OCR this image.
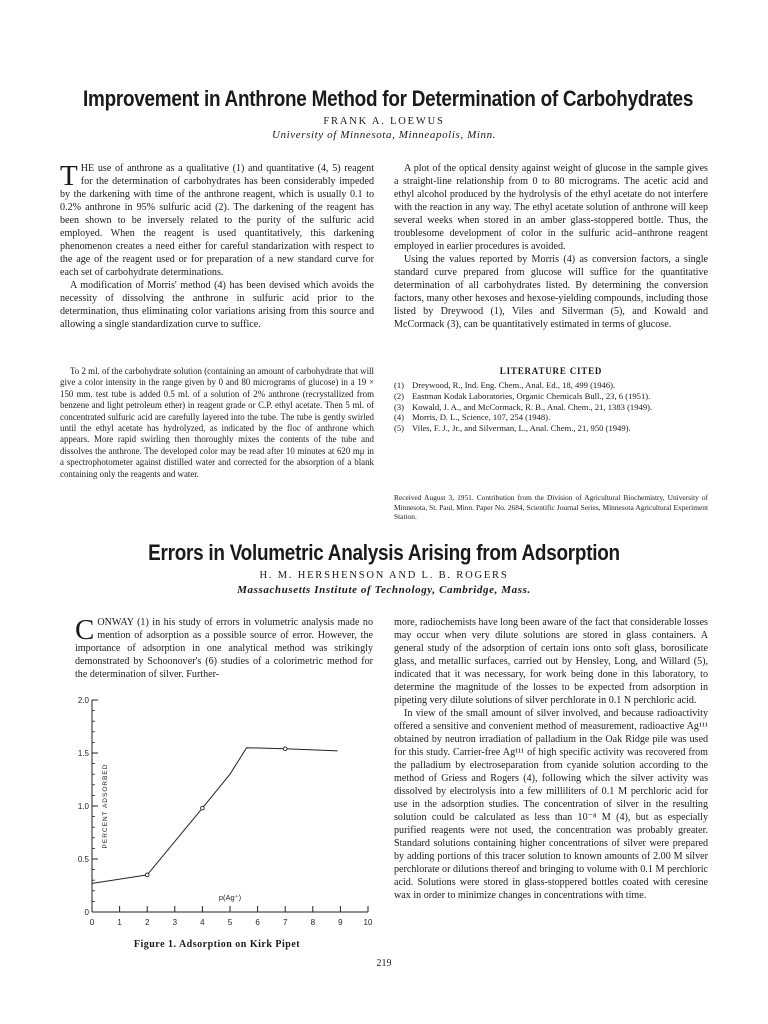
Improvement in Anthrone Method for Determination of Carbohydrates
FRANK A. LOEWUS
University of Minnesota, Minneapolis, Minn.

THE use of anthrone as a qualitative (1) and quantitative (4, 5) reagent for the determination of carbohydrates has been considerably impeded by the darkening with time of the anthrone reagent, which is usually 0.1 to 0.2% anthrone in 95% sulfuric acid (2). The darkening of the reagent has been shown to be inversely related to the purity of the sulfuric acid employed. When the reagent is used quantitatively, this darkening phenomenon creates a need either for careful standarization with respect to the age of the reagent used or for preparation of a new standard curve for each set of carbohydrate determinations.

A modification of Morris' method (4) has been devised which avoids the necessity of dissolving the anthrone in sulfuric acid prior to the determination, thus eliminating color variations arising from this source and allowing a single standardization curve to suffice.

To 2 ml. of the carbohydrate solution (containing an amount of carbohydrate that will give a color intensity in the range given by 0 and 80 micrograms of glucose) in a 19 × 150 mm. test tube is added 0.5 ml. of a solution of 2% anthrone (recrystallized from benzene and light petroleum ether) in reagent grade or C.P. ethyl acetate. Then 5 ml. of concentrated sulfuric acid are carefully layered into the tube. The tube is gently swirled until the ethyl acetate has hydrolyzed, as indicated by the floc of anthrone which appears. More rapid swirling then thoroughly mixes the contents of the tube and dissolves the anthrone. The developed color may be read after 10 minutes at 620 mμ in a spectrophotometer against distilled water and corrected for the absorption of a blank containing only the reagents and water.

A plot of the optical density against weight of glucose in the sample gives a straight-line relationship from 0 to 80 micrograms. The acetic acid and ethyl alcohol produced by the hydrolysis of the ethyl acetate do not interfere with the reaction in any way. The ethyl acetate solution of anthrone will keep several weeks when stored in an amber glass-stoppered bottle. Thus, the troublesome development of color in the sulfuric acid–anthrone reagent employed in earlier procedures is avoided.

Using the values reported by Morris (4) as conversion factors, a single standard curve prepared from glucose will suffice for the quantitative determination of all carbohydrates listed. By determining the conversion factors, many other hexoses and hexose-yielding compounds, including those listed by Dreywood (1), Viles and Silverman (5), and Kowald and McCormack (3), can be quantitatively estimated in terms of glucose.

LITERATURE CITED
(1) Dreywood, R., Ind. Eng. Chem., Anal. Ed., 18, 499 (1946).
(2) Eastman Kodak Laboratories, Organic Chemicals Bull., 23, 6 (1951).
(3) Kowald, J. A., and McCormack, R. B., Anal. Chem., 21, 1383 (1949).
(4) Morris, D. L., Science, 107, 254 (1948).
(5) Viles, F. J., Jr., and Silverman, L., Anal. Chem., 21, 950 (1949).
Received August 3, 1951. Contribution from the Division of Agricultural Biochemistry, University of Minnesota, St. Paul, Minn. Paper No. 2684, Scientific Journal Series, Minnesota Agricultural Experiment Station.
Errors in Volumetric Analysis Arising from Adsorption
H. M. HERSHENSON AND L. B. ROGERS
Massachusetts Institute of Technology, Cambridge, Mass.

CONWAY (1) in his study of errors in volumetric analysis made no mention of adsorption as a possible source of error. However, the importance of adsorption in one analytical method was strikingly demonstrated by Schoonover's (6) studies of a colorimetric method for the determination of silver. Further-

more, radiochemists have long been aware of the fact that considerable losses may occur when very dilute solutions are stored in glass containers. A general study of the adsorption of certain ions onto soft glass, borosilicate glass, and metallic surfaces, carried out by Hensley, Long, and Willard (5), indicated that it was necessary, for work being done in this laboratory, to determine the magnitude of the losses to be expected from adsorption in pipeting very dilute solutions of silver perchlorate in 0.1 N perchloric acid.

In view of the small amount of silver involved, and because radioactivity offered a sensitive and convenient method of measurement, radioactive Ag¹¹¹ obtained by neutron irradiation of palladium in the Oak Ridge pile was used for this study. Carrier-free Ag¹¹¹ of high specific activity was recovered from the palladium by electroseparation from cyanide solution according to the method of Griess and Rogers (4), following which the silver activity was dissolved by electrolysis into a few milliliters of 0.1 M perchloric acid for use in the adsorption studies. The concentration of silver in the resulting solution could be calculated as less than 10⁻⁸ M (4), but as especially purified reagents were not used, the concentration was probably greater. Standard solutions containing higher concentrations of silver were prepared by adding portions of this tracer solution to known amounts of 2.00 M silver perchlorate or dilutions thereof and bringing to volume with 0.1 M perchloric acid. Solutions were stored in glass-stoppered bottles coated with ceresine wax in order to minimize changes in concentrations with time.

0
0.5
1.0
1.5
2.0
0	1	2	3	4	5	6	7	8	9	10
PERCENT ADSORBED
p(Ag⁺)
Figure 1. Adsorption on Kirk Pipet
219
